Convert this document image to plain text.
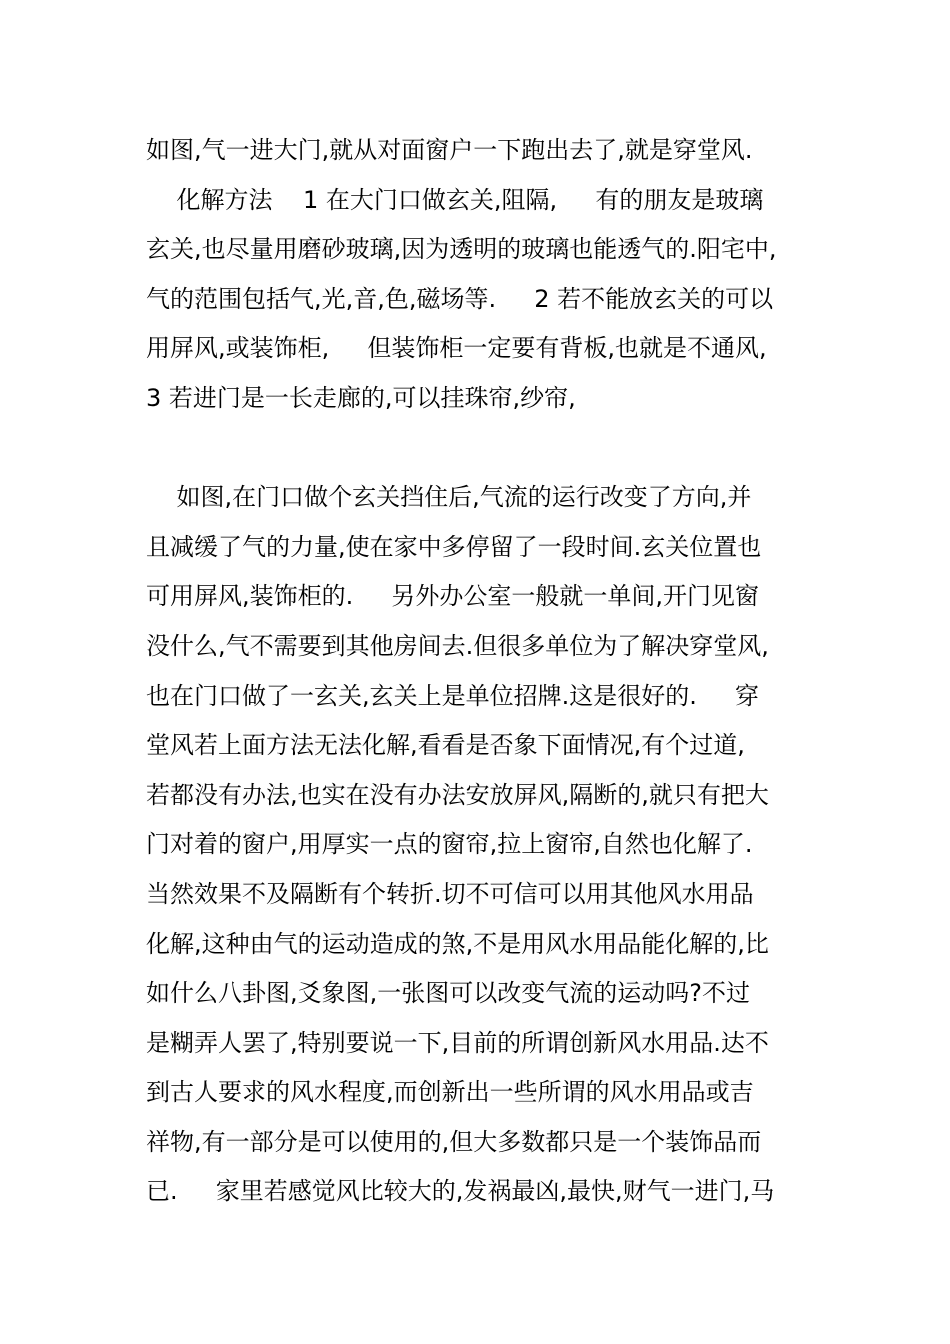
如图,气一进大门,就从对面窗户一下跑出去了,就是穿堂风.
化解方法    1 在大门口做玄关,阻隔,     有的朋友是玻璃
玄关,也尽量用磨砂玻璃,因为透明的玻璃也能透气的.阳宅中,
气的范围包括气,光,音,色,磁场等.     2 若不能放玄关的可以
用屏风,或装饰柜,     但装饰柜一定要有背板,也就是不通风,
3 若进门是一长走廊的,可以挂珠帘,纱帘,
如图,在门口做个玄关挡住后,气流的运行改变了方向,并
且减缓了气的力量,使在家中多停留了一段时间.玄关位置也
可用屏风,装饰柜的.     另外办公室一般就一单间,开门见窗
没什么,气不需要到其他房间去.但很多单位为了解决穿堂风,
也在门口做了一玄关,玄关上是单位招牌.这是很好的.     穿
堂风若上面方法无法化解,看看是否象下面情况,有个过道,
若都没有办法,也实在没有办法安放屏风,隔断的,就只有把大
门对着的窗户,用厚实一点的窗帘,拉上窗帘,自然也化解了.
当然效果不及隔断有个转折.切不可信可以用其他风水用品
化解,这种由气的运动造成的煞,不是用风水用品能化解的,比
如什么八卦图,爻象图,一张图可以改变气流的运动吗?不过
是糊弄人罢了,特别要说一下,目前的所谓创新风水用品.达不
到古人要求的风水程度,而创新出一些所谓的风水用品或吉
祥物,有一部分是可以使用的,但大多数都只是一个装饰品而
已.     家里若感觉风比较大的,发祸最凶,最快,财气一进门,马
